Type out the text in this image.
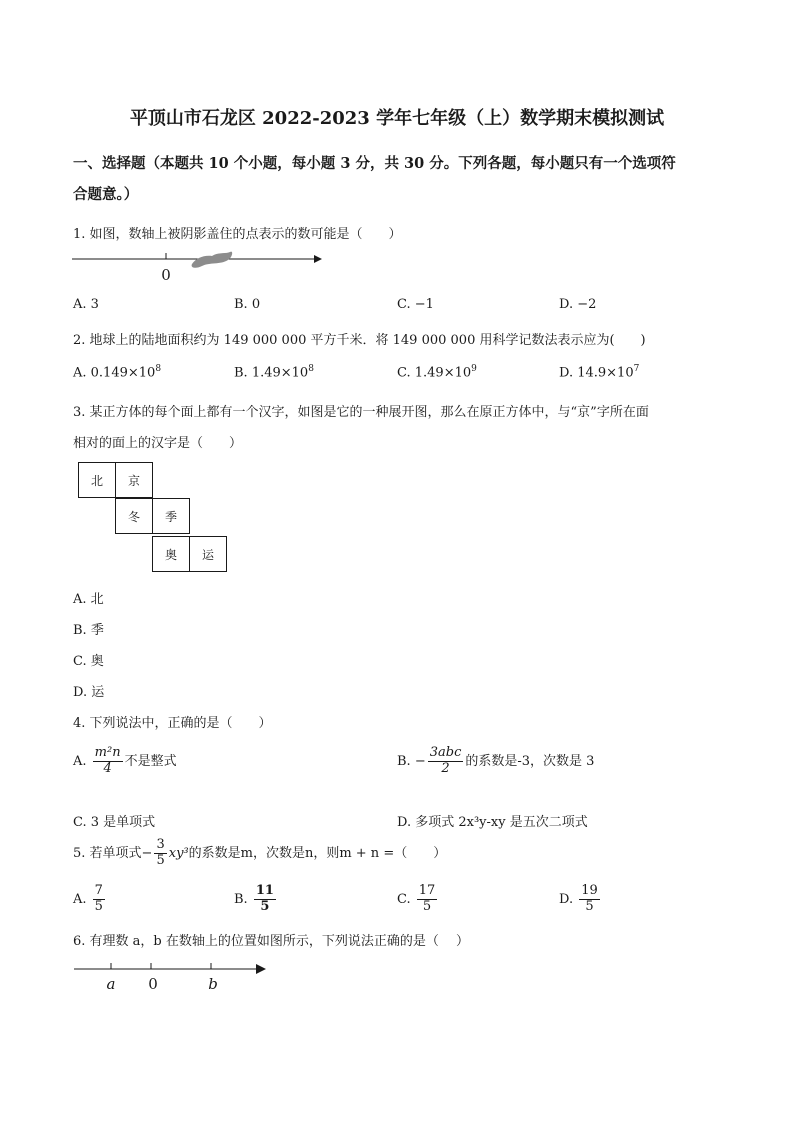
平顶山市石龙区 2022-2023 学年七年级（上）数学期末模拟测试
一、选择题（本题共 10 个小题，每小题 3 分，共 30 分。下列各题，每小题只有一个选项符
合题意。）
1. 如图，数轴上被阴影盖住的点表示的数可能是（　　）
0
A. 3	B. 0	C. −1	D. −2
2. 地球上的陆地面积约为 149 000 000 平方千米．将 149 000 000 用科学记数法表示应为(　　)
A. $0.149\times 10^8$	B. $1.49\times 10^8$	C. $1.49\times 10^9$	D. $14.9\times 10^7$
3. 某正方体的每个面上都有一个汉字，如图是它的一种展开图，那么在原正方体中，与“京”字所在面
相对的面上的汉字是（　　）
北	京
冬	季
奥	运
A. 北
B. 季
C. 奥
D. 运
4. 下列说法中，正确的是（　　）
A. $\frac{\text{m²n}}{4}$ 不是整式	B. − $\frac{\text{3abc}}{2}$ 的系数是-3，次数是 3
C. 3 是单项式	D. 多项式 2x³y-xy 是五次二项式
5. 若单项式− $\frac{3}{5} xy^3$的系数是m，次数是n，则m + n =（　　）
A. $\frac{7}{5}$	B. $\frac{11}{5}$	C. $\frac{17}{5}$	D. $\frac{19}{5}$
6. 有理数 a，b 在数轴上的位置如图所示，下列说法正确的是（　 ）
a 0	b
